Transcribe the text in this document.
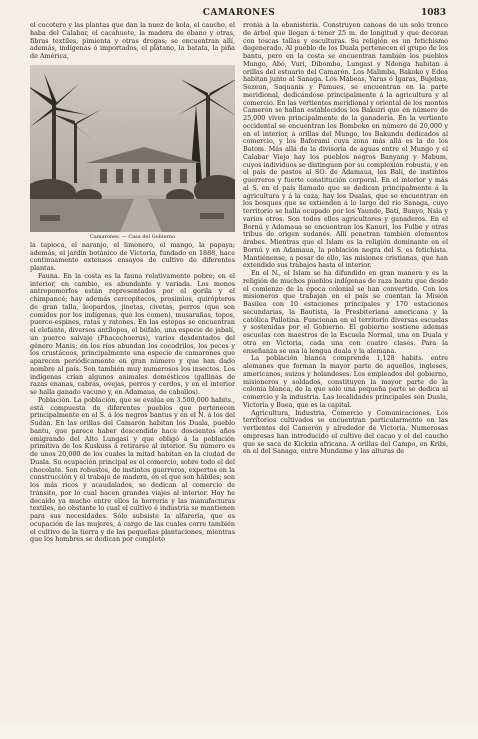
CAMARONES	1083

el cocotero y las plantas que dan la nuez de kola, el caucho, el haba del Calabar, el cacahuete, la madera de ébano y otras, fibras textiles, pimienta y otras drogas; se encuentran allí, además, indígenas ó importados, el plátano, la batata, la piña de América,

Camarones. — Casa del Gobierno

la tapioca, el naranjo, el limonero, el mango, la papaya; además, el jardín botánico de Victoria, fundado en 1888, hace continuamente extensos ensayos de cultivo de diferentes plantas.

Fauna. En la costa es la fauna relativamente pobre; en el interior, en cambio, es abundante y variada. Los monos antropomorfos están representados por el gorila y el chimpancé; hay además cercopitecos, prosimios, quirópteros de gran talla, leopardos, jinetas, civetas, perros (que son comidos por los indígenas, que los comen), musarañas, topos, puerco-espines, ratas y ratones. En las estepas se encuentran el elefante, diversos antílopes, el búfalo, una especie de jabalí, un puerco salvaje (Phacochoerus), varios desdentados del género Manis; en los ríos abundan los cocodrilos, los peces y los crustáceos, principalmente una especie de camarones que aparecen periódicamente en gran número y que han dado nombre al país. Son también muy numerosos los insectos. Los indígenas crían algunos animales domésticos (gallinas de razas enanas, cabras, ovejas, perros y cerdos, y en el interior se halla ganado vacuno y, en Adamaua, de caballos).

Población. La población, que se evalúa en 3.500,000 habits., está compuesta de diferentes pueblos que pertenecen principalmente en el S. á los negros bantus y en el N. á los del Sudán. En las orillas del Camarón habitan los Duala, pueblo bantu, que parece haber descendido hace doscientos años emigrando del Alto Lungasi y que obligó á la población primitiva de los Kuskuss á retirarse al interior. Su número es de unos 20,000 de los cuales la mitad habitan en la ciudad de Duala. Su ocupación principal es el comercio, sobre todo el del chocolate. Son robustos, de instintos guerreros, expertos en la construcción y el trabajo de madera, en el que son hábiles; son los más ricos y acaudalados, se dedican al comercio de tránsito, por lo cual hacen grandes viajes al interior. Hoy he decaído ya mucho entre ellos la herrería y las manufacturas textiles, no obstante lo cual el cultivo é industria se mantienen para sus necesidades. Sólo subsiste la alfarería, que es ocupación de las mujeres, á cargo de las cuales corre también el cultivo de la tierra y de las pequeñas plantaciones, mientras que los hombres se dedican por completo

rronia á la ebanistería. Construyen canoas de un solo tronco de árbol que llegan á tener 25 m. de longitud y que decoran con toscas tallas y esculturas. Su religión es un fetichismo degenerado. Al pueblo de los Duala pertenecen el grupo de los bantu, pero en la costa se encuentran también los pueblos Mungo, Abó, Vuri, Dibombo, Lungasi y Ndonga habitan á orillas del estuario del Camarón. Los Malimba, Bakoko y Edea habitan junto al Sanaga. Los Mabeas, Yaras ó Igaras, Bujebas, Sezeun, Saquanis y Pamues, se encuentran en la parte meridional, dedicándose principalmente á la agricultura y al comercio. En las vertientes meridional y oriental de los montes Camerón se hallan establecidos los Bakuiri que en número de 25,000 viven principalmente de la ganadería. En la vertiente occidental se encuentran los Bomboko en número de 20,000 y en el interior, á orillas del Mungo, los Bakundu dedicados al comercio, y los Baforami cuya zona más allá es la de los Batom. Más allá de la divisoria de aguas entre el Mungo y el Calabar Viejo hay los pueblos negros Banyang y Mabum, cuyos individuos se distinguen por su complexión robusta, y en el país de pastos al SO. de Adamaua, los Balí, de instintos guerreros y fuerte constitución corporal. En el interior y más al S. en el país llamado que se dedican principalmente á la agricultura y á la caza, hay los Dualas, que se encuentran en los bosques que se extienden á lo largo del río Sanaga, cuyo territorio se halla ocupado por los Yaunde, Bati, Banyo, Nsla y varios otros. Son todos ellos agricultores y ganaderos. En el Bornú y Adamaua se encuentran los Kanuri, los Fulbe y otras tribus de origen sudanés. Allí penetran también elementos árabes. Mientras que el Islam es la religión dominante en el Bornú y en Adamaua, la población negra del S. es fetichista. Mantiénense, a pesar de ello, las misiones cristianas, que han extendido sus trabajos hasta el interior.

En el N., el Islam se ha difundido en gran manera y es la religión de muchos pueblos indígenas de raza bantu que desde el comienzo de la época colonial se han convertido. Con los misioneros que trabajan en el país se cuentan la Misión Basilea con 10 estaciones principales y 170 estaciones secundarias, la Bautista, la Presbiteriana americana y la católica Pallotina. Funcionan en el territorio diversas escuelas y sostenidas por el Gobierno. El gobierno sostiene además escuelas con maestros de la Escuela Normal, una en Duala y otra en Victoria, cada una con cuatro clases. Para la enseñanza se usa la lengua duala y la alemana.

La población blanca comprende 1,128 habits. entre alemanes que forman la mayor parte de aquellos, ingleses, americanos, suizos y holandeses. Los empleados del gobierno, misioneros y soldados, constituyen la mayor parte de la colonia blanca, de la que sólo una pequeña parte se dedica al comercio y la industria. Las localidades principales son Duala, Victoria y Buea, que es la capital.

Agricultura, Industria, Comercio y Comunicaciones. Los territorios cultivados se encuentran particularmente en las vertientes del Camerón y alrededor de Victoria. Numerosas empresas han introducido el cultivo del cacao y el del caucho que se saca de Kickxia africana. A orillas del Campo, en Kribi, en el del Sanaga, entre Mundame y las alturas de
